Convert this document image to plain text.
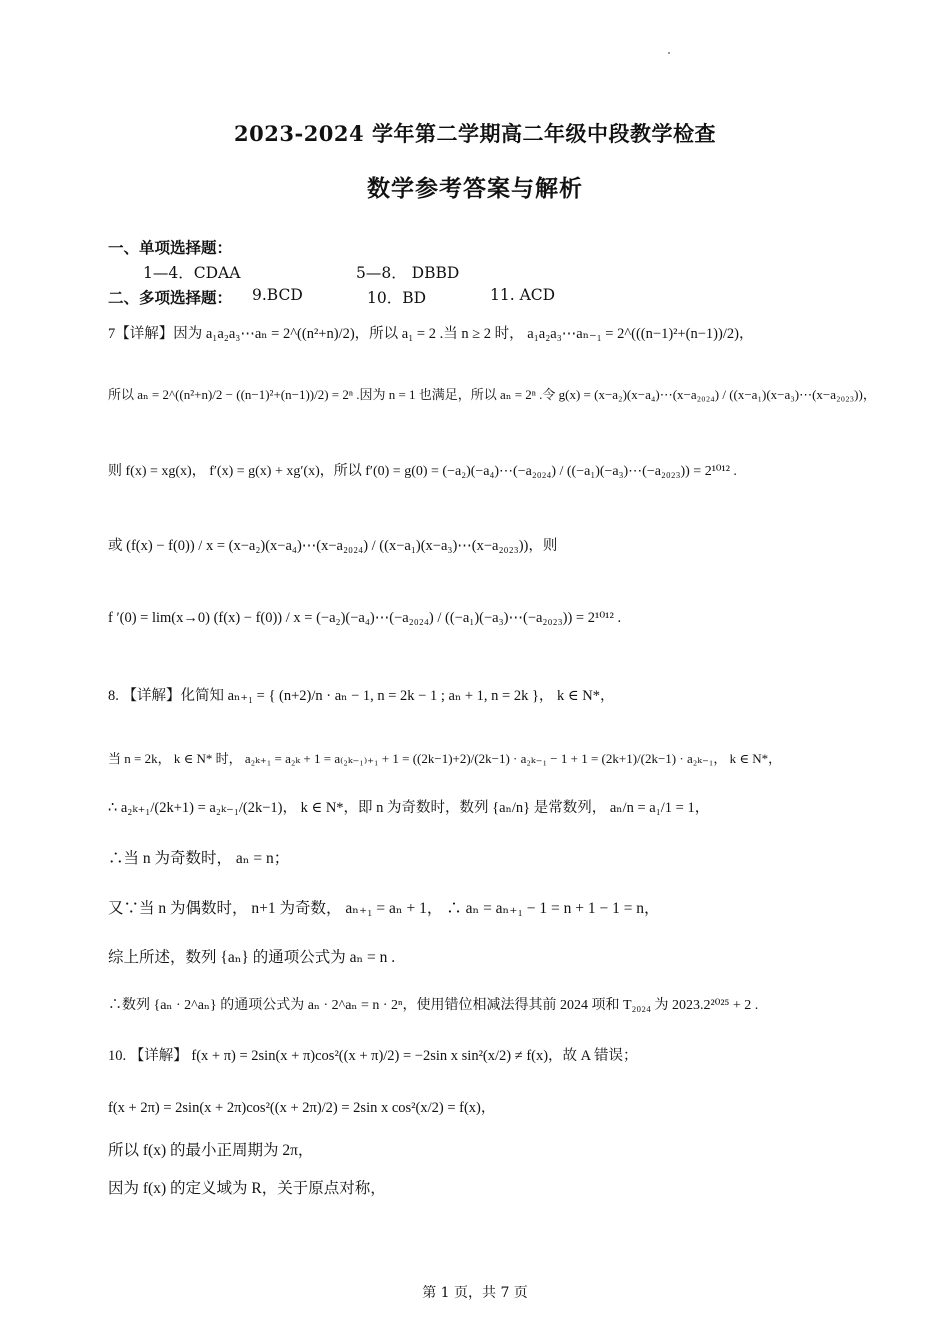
2023-2024 学年第二学期高二年级中段教学检查
数学参考答案与解析
一、单项选择题：
1—4．CDAA	5—8． DBBD
二、多项选择题： 9.BCD	10．BD	11. ACD
7【详解】因为 a₁a₂a₃⋯aₙ = 2^((n²+n)/2)，所以 a₁ = 2 .当 n ≥ 2 时， a₁a₂a₃⋯aₙ₋₁ = 2^(((n−1)²+(n−1))/2)，
所以 aₙ = 2^((n²+n)/2 − ((n−1)²+(n−1))/2) = 2ⁿ .因为 n = 1 也满足，所以 aₙ = 2ⁿ .令 g(x) = (x−a₂)(x−a₄)⋯(x−a₂₀₂₄) / ((x−a₁)(x−a₃)⋯(x−a₂₀₂₃))，
则 f(x) = xg(x)， f′(x) = g(x) + xg′(x)，所以 f′(0) = g(0) = (−a₂)(−a₄)⋯(−a₂₀₂₄) / ((−a₁)(−a₃)⋯(−a₂₀₂₃)) = 2¹⁰¹² .
或 (f(x) − f(0)) / x = (x−a₂)(x−a₄)⋯(x−a₂₀₂₄) / ((x−a₁)(x−a₃)⋯(x−a₂₀₂₃))，则
f ′(0) = lim(x→0) (f(x) − f(0)) / x = (−a₂)(−a₄)⋯(−a₂₀₂₄) / ((−a₁)(−a₃)⋯(−a₂₀₂₃)) = 2¹⁰¹² .
8. 【详解】化简知 aₙ₊₁ = { (n+2)/n · aₙ − 1, n = 2k − 1 ; aₙ + 1, n = 2k }， k ∈ N*，
当 n = 2k， k ∈ N* 时， a₂ₖ₊₁ = a₂ₖ + 1 = a₍₂ₖ₋₁₎₊₁ + 1 = ((2k−1)+2)/(2k−1) · a₂ₖ₋₁ − 1 + 1 = (2k+1)/(2k−1) · a₂ₖ₋₁， k ∈ N*，
∴ a₂ₖ₊₁/(2k+1) = a₂ₖ₋₁/(2k−1)， k ∈ N*，即 n 为奇数时，数列 {aₙ/n} 是常数列， aₙ/n = a₁/1 = 1，
∴当 n 为奇数时， aₙ = n；
又∵当 n 为偶数时， n+1 为奇数， aₙ₊₁ = aₙ + 1， ∴ aₙ = aₙ₊₁ − 1 = n + 1 − 1 = n，
综上所述，数列 {aₙ} 的通项公式为 aₙ = n .
∴数列 {aₙ · 2^aₙ} 的通项公式为 aₙ · 2^aₙ = n · 2ⁿ，使用错位相减法得其前 2024 项和 T₂₀₂₄ 为 2023.2²⁰²⁵ + 2 .
10. 【详解】 f(x + π) = 2sin(x + π)cos²((x + π)/2) = −2sin x sin²(x/2) ≠ f(x)，故 A 错误；
f(x + 2π) = 2sin(x + 2π)cos²((x + 2π)/2) = 2sin x cos²(x/2) = f(x)，
所以 f(x) 的最小正周期为 2π，
因为 f(x) 的定义域为 R，关于原点对称，
第 1 页，共 7 页
